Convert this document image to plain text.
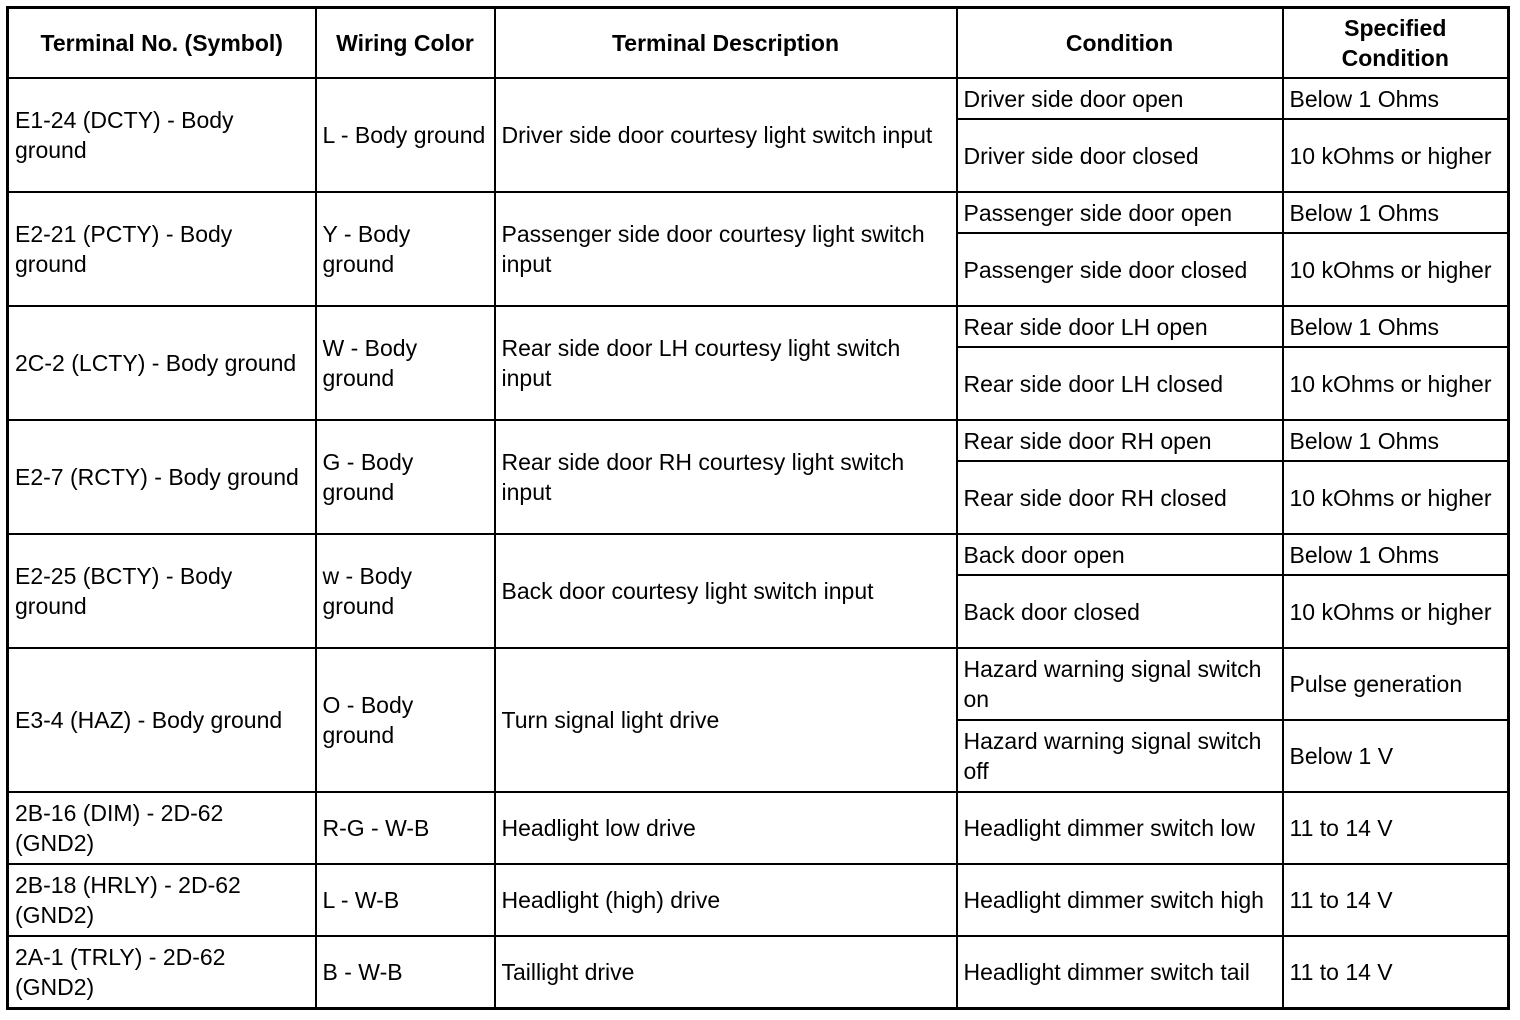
Terminal No. (Symbol)	Wiring Color	Terminal Description	Condition	Specified Condition
E1-24 (DCTY) - Body ground	L - Body ground	Driver side door courtesy light switch input	Driver side door open	Below 1 Ohms
			Driver side door closed	10 kOhms or higher
E2-21 (PCTY) - Body ground	Y - Body ground	Passenger side door courtesy light switch input	Passenger side door open	Below 1 Ohms
			Passenger side door closed	10 kOhms or higher
2C-2 (LCTY) - Body ground	W - Body ground	Rear side door LH courtesy light switch input	Rear side door LH open	Below 1 Ohms
			Rear side door LH closed	10 kOhms or higher
E2-7 (RCTY) - Body ground	G - Body ground	Rear side door RH courtesy light switch input	Rear side door RH open	Below 1 Ohms
			Rear side door RH closed	10 kOhms or higher
E2-25 (BCTY) - Body ground	w - Body ground	Back door courtesy light switch input	Back door open	Below 1 Ohms
			Back door closed	10 kOhms or higher
E3-4 (HAZ) - Body ground	O - Body ground	Turn signal light drive	Hazard warning signal switch on	Pulse generation
			Hazard warning signal switch off	Below 1 V
2B-16 (DIM) - 2D-62 (GND2)	R-G - W-B	Headlight low drive	Headlight dimmer switch low	11 to 14 V
2B-18 (HRLY) - 2D-62 (GND2)	L - W-B	Headlight (high) drive	Headlight dimmer switch high	11 to 14 V
2A-1 (TRLY) - 2D-62 (GND2)	B - W-B	Taillight drive	Headlight dimmer switch tail	11 to 14 V
